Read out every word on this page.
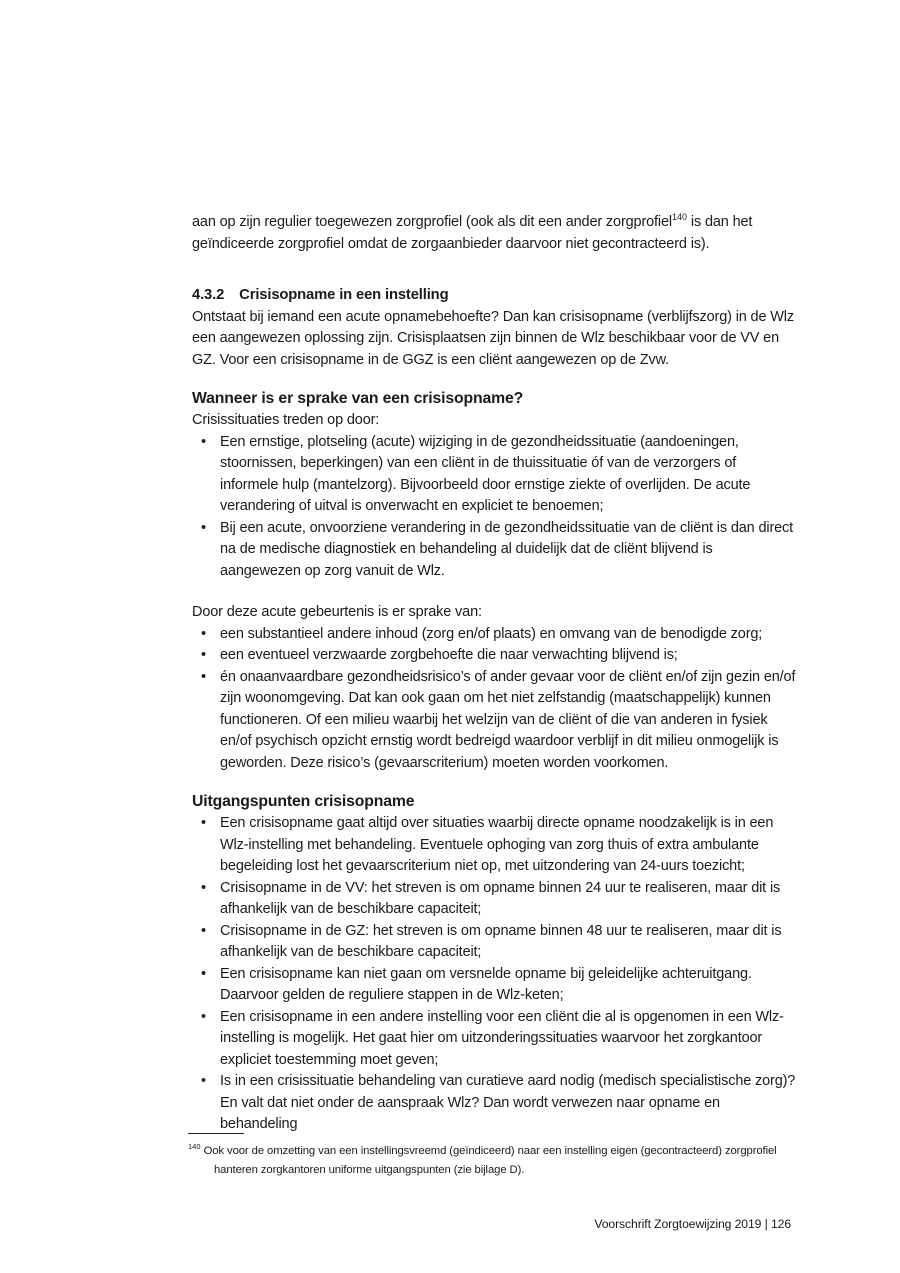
aan op zijn regulier toegewezen zorgprofiel (ook als dit een ander zorgprofiel$^{140}$ is dan het geïndiceerde zorgprofiel omdat de zorgaanbieder daarvoor niet gecontracteerd is).

4.3.2 Crisisopname in een instelling

Ontstaat bij iemand een acute opnamebehoefte? Dan kan crisisopname (verblijfszorg) in de Wlz een aangewezen oplossing zijn. Crisisplaatsen zijn binnen de Wlz beschikbaar voor de VV en GZ. Voor een crisisopname in de GGZ is een cliënt aangewezen op de Zvw.

Wanneer is er sprake van een crisisopname?

Crisissituaties treden op door:

• Een ernstige, plotseling (acute) wijziging in de gezondheidssituatie (aandoeningen, stoornissen, beperkingen) van een cliënt in de thuissituatie óf van de verzorgers of informele hulp (mantelzorg). Bijvoorbeeld door ernstige ziekte of overlijden. De acute verandering of uitval is onverwacht en expliciet te benoemen;
• Bij een acute, onvoorziene verandering in de gezondheidssituatie van de cliënt is dan direct na de medische diagnostiek en behandeling al duidelijk dat de cliënt blijvend is aangewezen op zorg vanuit de Wlz.

Door deze acute gebeurtenis is er sprake van:

• een substantieel andere inhoud (zorg en/of plaats) en omvang van de benodigde zorg;
• een eventueel verzwaarde zorgbehoefte die naar verwachting blijvend is;
• én onaanvaardbare gezondheidsrisico’s of ander gevaar voor de cliënt en/of zijn gezin en/of zijn woonomgeving. Dat kan ook gaan om het niet zelfstandig (maatschappelijk) kunnen functioneren. Of een milieu waarbij het welzijn van de cliënt of die van anderen in fysiek en/of psychisch opzicht ernstig wordt bedreigd waardoor verblijf in dit milieu onmogelijk is geworden. Deze risico’s (gevaarscriterium) moeten worden voorkomen.
Uitgangspunten crisisopname
• Een crisisopname gaat altijd over situaties waarbij directe opname noodzakelijk is in een Wlz-instelling met behandeling. Eventuele ophoging van zorg thuis of extra ambulante begeleiding lost het gevaarscriterium niet op, met uitzondering van 24-uurs toezicht;
• Crisisopname in de VV: het streven is om opname binnen 24 uur te realiseren, maar dit is afhankelijk van de beschikbare capaciteit;
• Crisisopname in de GZ: het streven is om opname binnen 48 uur te realiseren, maar dit is afhankelijk van de beschikbare capaciteit;
• Een crisisopname kan niet gaan om versnelde opname bij geleidelijke achteruitgang. Daarvoor gelden de reguliere stappen in de Wlz-keten;
• Een crisisopname in een andere instelling voor een cliënt die al is opgenomen in een Wlz-instelling is mogelijk. Het gaat hier om uitzonderingssituaties waarvoor het zorgkantoor expliciet toestemming moet geven;
• Is in een crisissituatie behandeling van curatieve aard nodig (medisch specialistische zorg)? En valt dat niet onder de aanspraak Wlz? Dan wordt verwezen naar opname en behandeling

$^{140}$ Ook voor de omzetting van een instellingsvreemd (geïndiceerd) naar een instelling eigen (gecontracteerd) zorgprofiel hanteren zorgkantoren uniforme uitgangspunten (zie bijlage D).

Voorschrift Zorgtoewijzing 2019 | 126
